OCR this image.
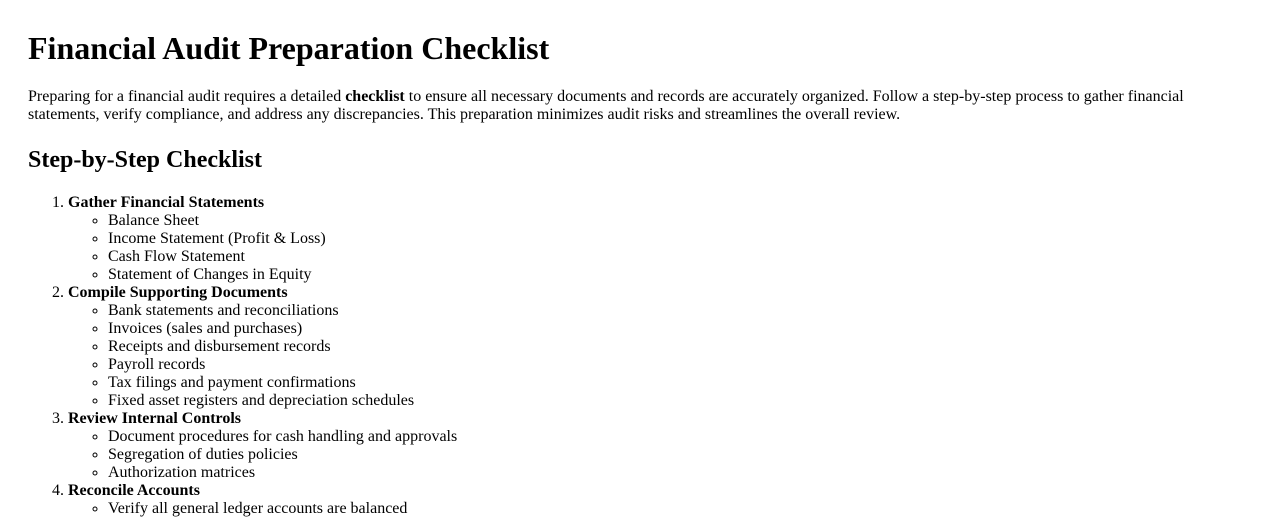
Financial Audit Preparation Checklist

Preparing for a financial audit requires a detailed checklist to ensure all necessary documents and records are accurately organized. Follow a step-by-step process to gather financial statements, verify compliance, and address any discrepancies. This preparation minimizes audit risks and streamlines the overall review.

Step-by-Step Checklist
1. Gather Financial Statements
◦ Balance Sheet
◦ Income Statement (Profit & Loss)
◦ Cash Flow Statement
◦ Statement of Changes in Equity
2. Compile Supporting Documents
◦ Bank statements and reconciliations
◦ Invoices (sales and purchases)
◦ Receipts and disbursement records
◦ Payroll records
◦ Tax filings and payment confirmations
◦ Fixed asset registers and depreciation schedules
3. Review Internal Controls
◦ Document procedures for cash handling and approvals
◦ Segregation of duties policies
◦ Authorization matrices
4. Reconcile Accounts
◦ Verify all general ledger accounts are balanced
